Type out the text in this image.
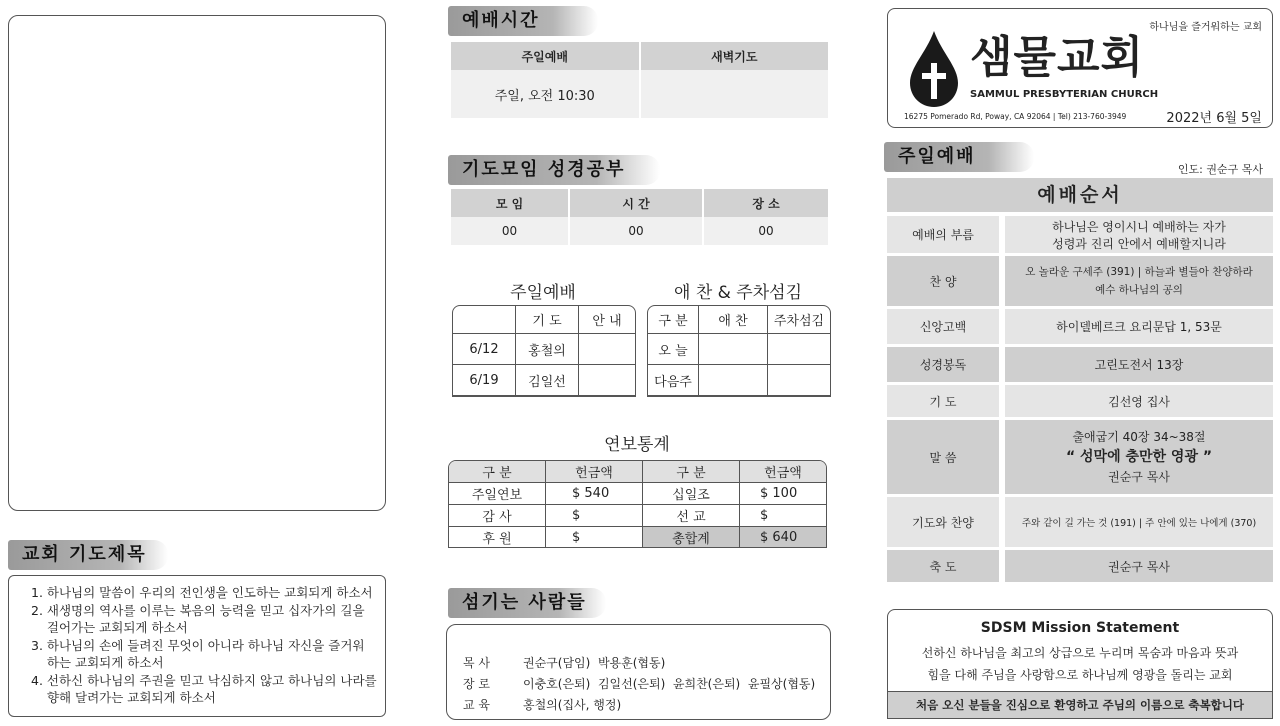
교회 기도제목
1. 하나님의 말씀이 우리의 전인생을 인도하는 교회되게 하소서
2. 새생명의 역사를 이루는 복음의 능력을 믿고 십자가의 길을
걸어가는 교회되게 하소서
3. 하나님의 손에 들려진 무엇이 아니라 하나님 자신을 즐거워
하는 교회되게 하소서
4. 선하신 하나님의 주권을 믿고 낙심하지 않고 하나님의 나라를
향해 달려가는 교회되게 하소서
예배시간
주일예배	새벽기도
주일, 오전 10:30	
기도모임 성경공부
모 임	시 간	장 소
00	00	00
주일예배
	기 도	안 내
6/12	홍철의	
6/19	김일선	
애 찬 & 주차섬김
구 분	애 찬	주차섬김
오 늘		
다음주		
연보통계
구 분	헌금액	구 분	헌금액
주일연보	$ 540	십일조	$ 100
감 사	$	선 교	$
후 원	$	총합계	$ 640
섬기는 사람들
목 사	권순구(담임)  박용훈(협동)
장 로	이충호(은퇴)  김일선(은퇴)  윤희찬(은퇴)  윤필상(협동)
교 육	홍철의(집사, 행정)
하나님을 즐거워하는 교회
샘물교회
SAMMUL PRESBYTERIAN CHURCH
16275 Pomerado Rd, Poway, CA 92064 | Tel) 213-760-3949	2022년 6월 5일
주일예배
인도: 권순구 목사
예배순서
예배의 부름	하나님은 영이시니 예배하는 자가
성령과 진리 안에서 예배할지니라

찬 양	오 놀라운 구세주 (391) | 하늘과 별들아 찬양하라
예수 하나님의 공의

신앙고백	하이델베르크 요리문답 1, 53문

성경봉독	고린도전서 13장

기 도	김선영 집사

말 씀	출애굽기 40장 34~38절
“ 성막에 충만한 영광 ”
권순구 목사

기도와 찬양	주와 같이 길 가는 것 (191) | 주 안에 있는 나에게 (370)

축 도	권순구 목사
SDSM Mission Statement
선하신 하나님을 최고의 상급으로 누리며 목숨과 마음과 뜻과
힘을 다해 주님을 사랑함으로 하나님께 영광을 돌리는 교회
처음 오신 분들을 진심으로 환영하고 주님의 이름으로 축복합니다
